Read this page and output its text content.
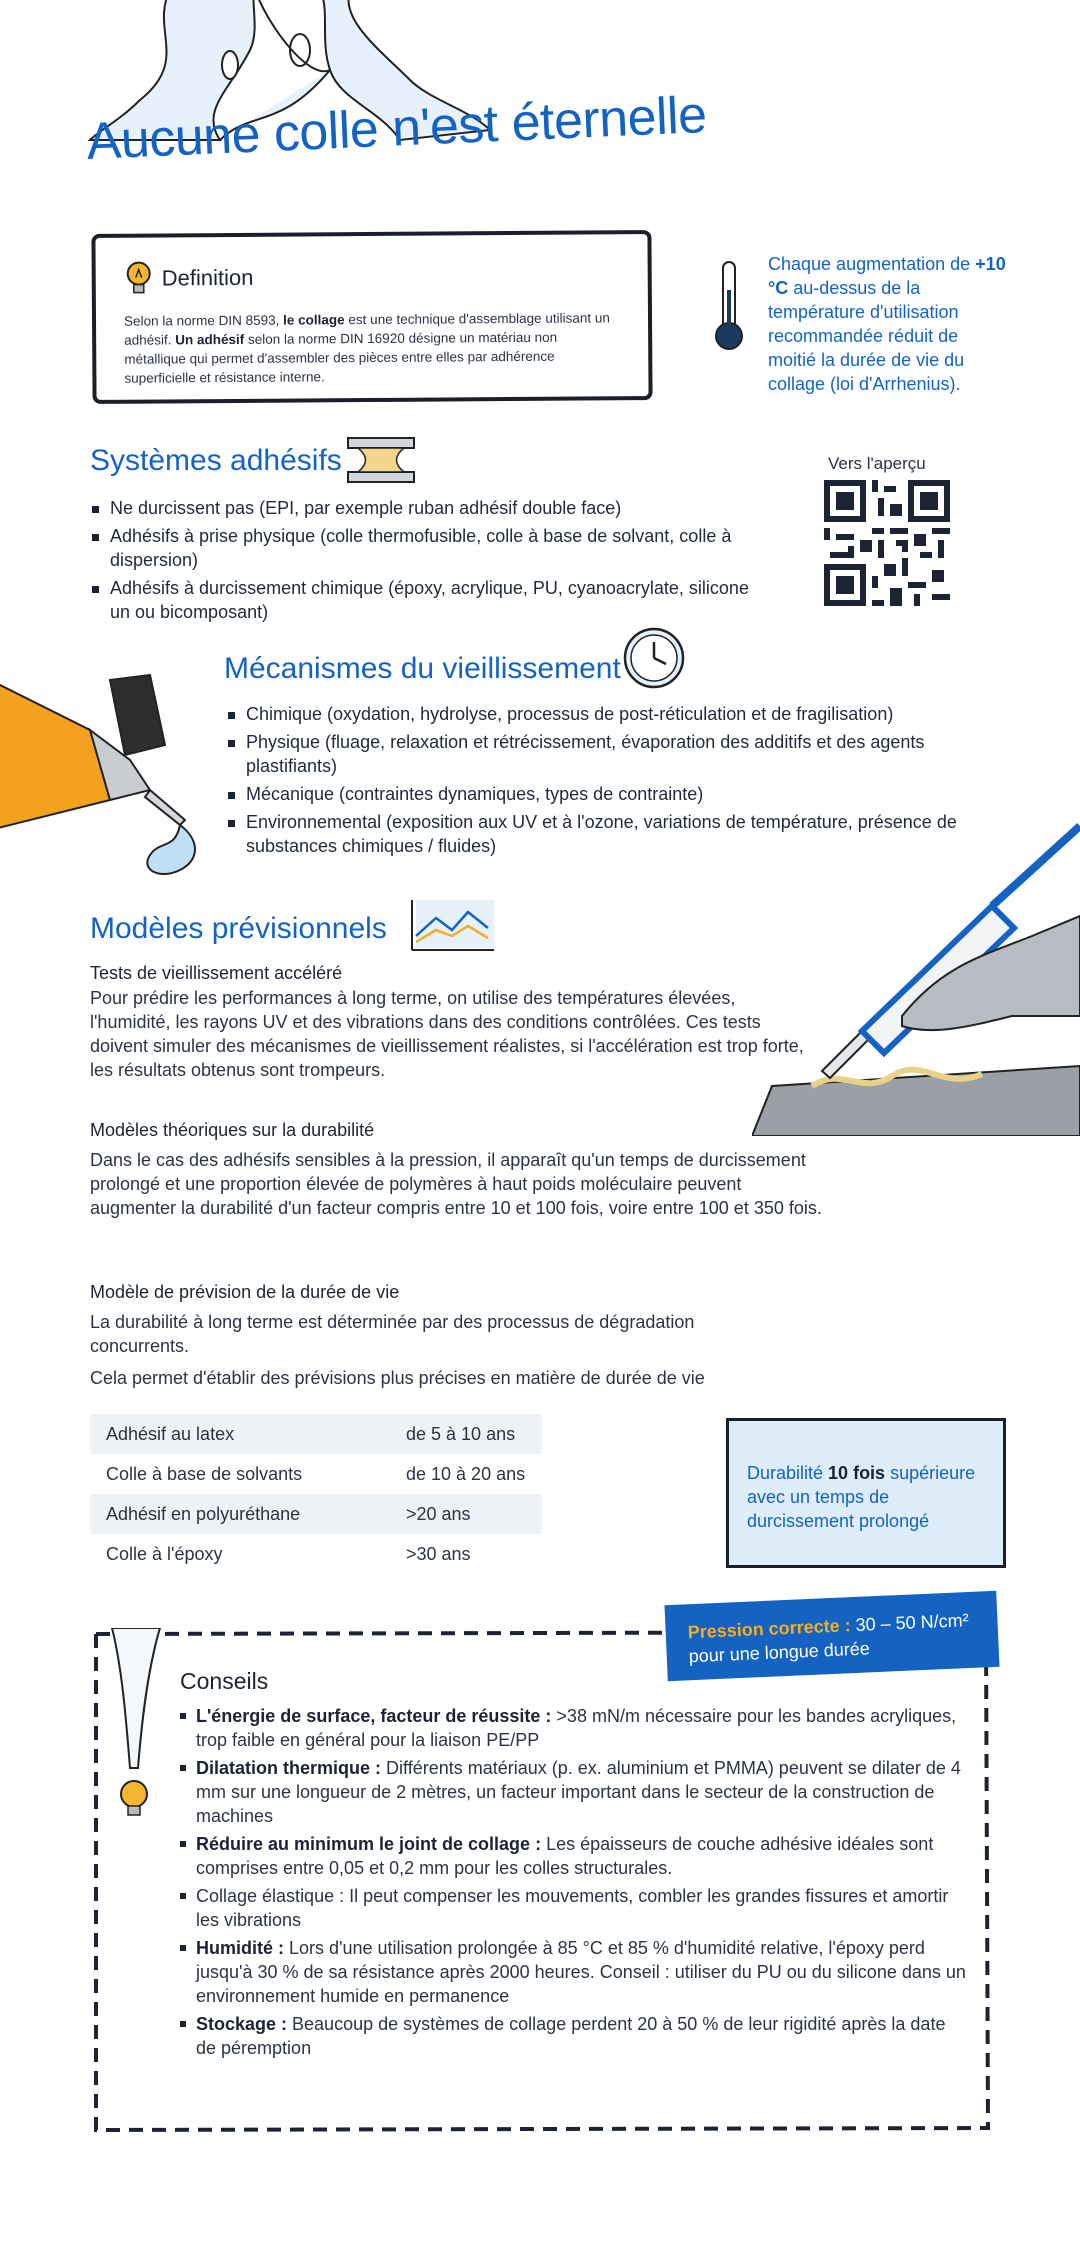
Aucune colle n'est éternelle
Definition
Selon la norme DIN 8593, le collage est une technique d'assemblage utilisant un adhésif. Un adhésif selon la norme DIN 16920 désigne un matériau non métallique qui permet d'assembler des pièces entre elles par adhérence superficielle et résistance interne.
Chaque augmentation de +10 °C au-dessus de la température d'utilisation recommandée réduit de moitié la durée de vie du collage (loi d'Arrhenius).
Systèmes adhésifs	Vers l'aperçu
Ne durcissent pas (EPI, par exemple ruban adhésif double face)
Adhésifs à prise physique (colle thermofusible, colle à base de solvant, colle à dispersion)
Adhésifs à durcissement chimique (époxy, acrylique, PU, cyanoacrylate, silicone un ou bicomposant)
Mécanismes du vieillissement
Chimique (oxydation, hydrolyse, processus de post-réticulation et de fragilisation)
Physique (fluage, relaxation et rétrécissement, évaporation des additifs et des agents plastifiants)
Mécanique (contraintes dynamiques, types de contrainte)
Environnemental (exposition aux UV et à l'ozone, variations de température, présence de substances chimiques / fluides)
Modèles prévisionnels
Tests de vieillissement accéléré
Pour prédire les performances à long terme, on utilise des températures élevées, l'humidité, les rayons UV et des vibrations dans des conditions contrôlées. Ces tests doivent simuler des mécanismes de vieillissement réalistes, si l'accélération est trop forte, les résultats obtenus sont trompeurs.
Modèles théoriques sur la durabilité
Dans le cas des adhésifs sensibles à la pression, il apparaît qu'un temps de durcissement prolongé et une proportion élevée de polymères à haut poids moléculaire peuvent augmenter la durabilité d'un facteur compris entre 10 et 100 fois, voire entre 100 et 350 fois.
Modèle de prévision de la durée de vie
La durabilité à long terme est déterminée par des processus de dégradation concurrents.
Cela permet d'établir des prévisions plus précises en matière de durée de vie
Adhésif au latex	de 5 à 10 ans
Colle à base de solvants	de 10 à 20 ans
Adhésif en polyuréthane	>20 ans
Colle à l'époxy	>30 ans
Durabilité 10 fois supérieure avec un temps de durcissement prolongé
Pression correcte : 30 – 50 N/cm²
pour une longue durée
Conseils
L'énergie de surface, facteur de réussite : >38 mN/m nécessaire pour les bandes acryliques, trop faible en général pour la liaison PE/PP
Dilatation thermique : Différents matériaux (p. ex. aluminium et PMMA) peuvent se dilater de 4 mm sur une longueur de 2 mètres, un facteur important dans le secteur de la construction de machines
Réduire au minimum le joint de collage : Les épaisseurs de couche adhésive idéales sont comprises entre 0,05 et 0,2 mm pour les colles structurales.
Collage élastique : Il peut compenser les mouvements, combler les grandes fissures et amortir les vibrations
Humidité : Lors d'une utilisation prolongée à 85 °C et 85 % d'humidité relative, l'époxy perd jusqu'à 30 % de sa résistance après 2000 heures. Conseil : utiliser du PU ou du silicone dans un environnement humide en permanence
Stockage : Beaucoup de systèmes de collage perdent 20 à 50 % de leur rigidité après la date de péremption
